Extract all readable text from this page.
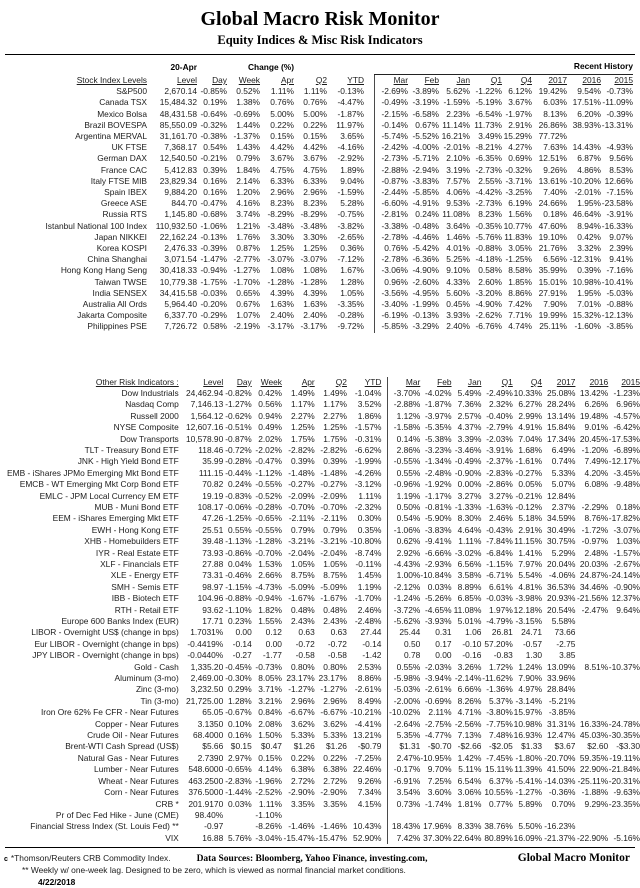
Global Macro Risk Monitor
Equity Indices & Misc Risk Indicators
	20-Apr	Change (%)						Recent History							
Stock Index Levels	Level	Day	Week	Apr	Q2	YTD		Mar	Feb	Jan	Q1	Q4	2017	2016	2015
S&P500	2,670.14	-0.85%	0.52%	1.11%	1.11%	-0.13%		-2.69%	-3.89%	5.62%	-1.22%	6.12%	19.42%	9.54%	-0.73%
Canada TSX	15,484.32	0.19%	1.38%	0.76%	0.76%	-4.47%		-0.49%	-3.19%	-1.59%	-5.19%	3.67%	6.03%	17.51%	-11.09%
Mexico Bolsa	48,431.58	-0.64%	-0.69%	5.00%	5.00%	-1.87%		-2.15%	-6.58%	2.23%	-6.54%	-1.97%	8.13%	6.20%	-0.39%
Brazil BOVESPA	85,550.09	-0.32%	1.44%	0.22%	0.22%	11.97%		-0.14%	0.67%	11.14%	11.73%	2.91%	26.86%	38.93%	-13.31%
Argentina MERVAL	31,161.70	-0.38%	-1.37%	0.15%	0.15%	3.65%		-5.74%	-5.52%	16.21%	3.49%	15.29%	77.72%		
UK FTSE	7,368.17	0.54%	1.43%	4.42%	4.42%	-4.16%		-2.42%	-4.00%	-2.01%	-8.21%	4.27%	7.63%	14.43%	-4.93%
German DAX	12,540.50	-0.21%	0.79%	3.67%	3.67%	-2.92%		-2.73%	-5.71%	2.10%	-6.35%	0.69%	12.51%	6.87%	9.56%
France CAC	5,412.83	0.39%	1.84%	4.75%	4.75%	1.89%		-2.88%	-2.94%	3.19%	-2.73%	-0.32%	9.26%	4.86%	8.53%
Italy FTSE MIB	23,829.34	0.16%	2.14%	6.33%	6.33%	9.04%		-0.87%	-3.83%	7.57%	2.55%	-3.71%	13.61%	-10.20%	12.66%
Spain IBEX	9,884.20	0.16%	1.20%	2.96%	2.96%	-1.59%		-2.44%	-5.85%	4.06%	-4.42%	-3.25%	7.40%	-2.01%	-7.15%
Greece ASE	844.70	-0.47%	4.16%	8.23%	8.23%	5.28%		-6.60%	-4.91%	9.53%	-2.73%	6.19%	24.66%	1.95%	-23.58%
Russia RTS	1,145.80	-0.68%	3.74%	-8.29%	-8.29%	-0.75%		-2.81%	0.24%	11.08%	8.23%	1.56%	0.18%	46.64%	-3.91%
Istanbul National 100 Index	110,932.50	-1.06%	1.21%	-3.48%	-3.48%	-3.82%		-3.38%	-0.48%	3.64%	-0.35%	10.77%	47.60%	8.94%	-16.33%
Japan NIKKEI	22,162.24	-0.13%	1.76%	3.30%	3.30%	-2.65%		-2.78%	-4.46%	1.46%	-5.76%	11.83%	19.10%	0.42%	9.07%
Korea KOSPI	2,476.33	-0.39%	0.87%	1.25%	1.25%	0.36%		0.76%	-5.42%	4.01%	-0.88%	3.05%	21.76%	3.32%	2.39%
China Shanghai	3,071.54	-1.47%	-2.77%	-3.07%	-3.07%	-7.12%		-2.78%	-6.36%	5.25%	-4.18%	-1.25%	6.56%	-12.31%	9.41%
Hong Kong Hang Seng	30,418.33	-0.94%	-1.27%	1.08%	1.08%	1.67%		-3.06%	-4.90%	9.10%	0.58%	8.58%	35.99%	0.39%	-7.16%
Taiwan TWSE	10,779.38	-1.75%	-1.70%	-1.28%	-1.28%	1.28%		0.96%	-2.60%	4.33%	2.60%	1.85%	15.01%	10.98%	-10.41%
India SENSEX	34,415.58	-0.03%	0.65%	4.39%	4.39%	1.05%		-3.56%	-4.95%	5.60%	-3.20%	8.86%	27.91%	1.95%	-5.03%
Australia All Ords	5,964.40	-0.20%	0.67%	1.63%	1.63%	-3.35%		-3.40%	-1.99%	0.45%	-4.90%	7.42%	7.90%	7.01%	-0.88%
Jakarta Composite	6,337.70	-0.29%	1.07%	2.40%	2.40%	-0.28%		-6.19%	-0.13%	3.93%	-2.62%	7.71%	19.99%	15.32%	-12.13%
Philippines PSE	7,726.72	0.58%	-2.19%	-3.17%	-3.17%	-9.72%		-5.85%	-3.29%	2.40%	-6.76%	4.74%	25.11%	-1.60%	-3.85%
Other Risk Indicators :	Level	Day	Week	Apr	Q2	YTD		Mar	Feb	Jan	Q1	Q4	2017	2016	2015
Dow Industrials	24,462.94	-0.82%	0.42%	1.49%	1.49%	-1.04%		-3.70%	-4.02%	5.49%	-2.49%	10.33%	25.08%	13.42%	-1.23%
Nasdaq Comp	7,146.13	-1.27%	0.56%	1.17%	1.17%	3.52%		-2.88%	-1.87%	7.36%	2.32%	6.27%	28.24%	6.26%	6.96%
Russell 2000	1,564.12	-0.62%	0.94%	2.27%	2.27%	1.86%		1.12%	-3.97%	2.57%	-0.40%	2.99%	13.14%	19.48%	-4.57%
NYSE Composite	12,607.16	-0.51%	0.49%	1.25%	1.25%	-1.57%		-1.58%	-5.35%	4.37%	-2.79%	4.91%	15.84%	9.01%	-6.42%
Dow Transports	10,578.90	-0.87%	2.02%	1.75%	1.75%	-0.31%		0.14%	-5.38%	3.39%	-2.03%	7.04%	17.34%	20.45%	-17.53%
TLT - Treasury Bond ETF	118.46	-0.72%	-2.02%	-2.82%	-2.82%	-6.62%		2.86%	-3.23%	-3.46%	-3.91%	1.68%	6.49%	-1.20%	-6.89%
JNK - High Yield Bond ETF	35.99	-0.28%	-0.47%	0.39%	0.39%	-1.99%		-0.55%	-1.34%	-0.49%	-2.37%	-1.61%	0.74%	7.49%	-12.17%
EMB - iShares JPMo Emerging Mkt Bond ETF	111.15	-0.44%	-1.12%	-1.48%	-1.48%	-4.26%		0.55%	-2.48%	-0.90%	-2.83%	-0.27%	5.33%	4.20%	-3.45%
EMCB - WT Emerging Mkt Corp Bond ETF	70.82	0.24%	-0.55%	-0.27%	-0.27%	-3.12%		-0.96%	-1.92%	0.00%	-2.86%	0.05%	5.07%	6.08%	-9.48%
EMLC - JPM Local Currency EM ETF	19.19	-0.83%	-0.52%	-2.09%	-2.09%	1.11%		1.19%	-1.17%	3.27%	3.27%	-0.21%	12.84%		
MUB - Muni Bond ETF	108.17	-0.06%	-0.28%	-0.70%	-0.70%	-2.32%		0.50%	-0.81%	-1.33%	-1.63%	-0.12%	2.37%	-2.29%	0.18%
EEM - iShares Emerging Mkt ETF	47.26	-1.25%	-0.65%	-2.11%	-2.11%	0.30%		0.54%	-5.90%	8.30%	2.46%	5.18%	34.59%	8.76%	-17.82%
EWH - Hong Kong ETF	25.51	0.55%	-0.55%	0.79%	0.79%	0.35%		-1.06%	-3.83%	4.64%	-0.43%	2.91%	30.49%	-1.72%	-3.07%
XHB - Homebuilders ETF	39.48	-1.13%	-1.28%	-3.21%	-3.21%	-10.80%		0.62%	-9.41%	1.11%	-7.84%	11.15%	30.75%	-0.97%	1.03%
IYR - Real Estate ETF	73.93	-0.86%	-0.70%	-2.04%	-2.04%	-8.74%		2.92%	-6.66%	-3.02%	-6.84%	1.41%	5.29%	2.48%	-1.57%
XLF - Financials ETF	27.88	0.04%	1.53%	1.05%	1.05%	-0.11%		-4.43%	-2.93%	6.56%	-1.15%	7.97%	20.04%	20.03%	-2.67%
XLE - Energy ETF	73.31	-0.46%	2.66%	8.75%	8.75%	1.45%		1.00%	-10.84%	3.58%	-6.71%	5.54%	-4.06%	24.87%	-24.14%
SMH - Semis ETF	98.97	-1.15%	-4.73%	-5.09%	-5.09%	1.19%		-2.12%	0.03%	8.89%	6.61%	4.81%	36.53%	34.46%	-0.90%
IBB - Biotech ETF	104.96	-0.88%	-0.94%	-1.67%	-1.67%	-1.70%		-1.24%	-5.26%	6.85%	-0.03%	-3.98%	20.93%	-21.56%	12.37%
RTH - Retail ETF	93.62	-1.10%	1.82%	0.48%	0.48%	2.46%		-3.72%	-4.65%	11.08%	1.97%	12.18%	20.54%	-2.47%	9.64%
Europe 600 Banks Index (EUR)	17.71	0.23%	1.55%	2.43%	2.43%	-2.48%		-5.62%	-3.93%	5.01%	-4.79%	-3.15%	5.58%		
LIBOR - Overnight US$ (change in bps)	1.7031%	0.00	0.12	0.63	0.63	27.44		25.44	0.31	1.06	26.81	24.71	73.66		
Eur LIBOR - Overnight (change in bps)	-0.4419%	-0.14	0.00	-0.72	-0.72	-0.14		0.50	0.17	-0.10	57.20%	-0.57	-2.75		
JPY LIBOR - Overnight (change in bps)	-0.0440%	-0.27	-1.77	-0.58	-0.58	-1.42		0.78	0.00	-0.16	-0.83	1.30	3.85		
Gold - Cash	1,335.20	-0.45%	-0.73%	0.80%	0.80%	2.53%		0.55%	-2.03%	3.26%	1.72%	1.24%	13.09%	8.51%	-10.37%
Aluminum (3-mo)	2,469.00	-0.30%	8.05%	23.17%	23.17%	8.86%		-5.98%	-3.94%	-2.14%	-11.62%	7.90%	33.96%		
Zinc (3-mo)	3,232.50	0.29%	3.71%	-1.27%	-1.27%	-2.61%		-5.03%	-2.61%	6.66%	-1.36%	4.97%	28.84%		
Tin (3-mo)	21,725.00	1.28%	3.21%	2.96%	2.96%	8.49%		-2.00%	-0.69%	8.26%	5.37%	-3.14%	-5.21%		
Iron Ore 62% Fe CFR - Near Futures	65.05	-0.67%	0.84%	-6.67%	-6.67%	-10.21%		-10.02%	2.11%	4.71%	-3.80%	15.97%	-3.85%		
Copper - Near Futures	3.1350	0.10%	2.08%	3.62%	3.62%	-4.41%		-2.64%	-2.75%	-2.56%	-7.75%	10.98%	31.31%	16.33%	-24.78%
Crude Oil - Near Futures	68.4000	0.16%	1.50%	5.33%	5.33%	13.21%		5.35%	-4.77%	7.13%	7.48%	16.93%	12.47%	45.03%	-30.35%
Brent-WTI Cash Spread (US$)	$5.66	$0.15	$0.47	$1.26	$1.26	-$0.79		$1.31	-$0.70	-$2.66	-$2.05	$1.33	$3.67	$2.60	-$3.30
Natural Gas - Near Futures	2.7390	2.97%	0.15%	0.22%	0.22%	-7.25%		2.47%	-10.95%	1.42%	-7.45%	-1.80%	-20.70%	59.35%	-19.11%
Lumber - Near Futures	548.6000	-0.65%	4.14%	6.38%	6.38%	22.46%		-0.17%	9.70%	5.11%	15.11%	11.39%	41.50%	22.90%	-21.84%
Wheat - Near Futures	463.2500	-2.83%	-1.96%	2.72%	2.72%	9.26%		-6.91%	7.25%	6.54%	6.37%	-5.41%	-14.03%	-25.11%	-20.31%
Corn - Near Futures	376.5000	-1.44%	-2.52%	-2.90%	-2.90%	7.34%		3.54%	3.60%	3.06%	10.55%	-1.27%	-0.36%	-1.88%	-9.63%
CRB *	201.9170	0.03%	1.11%	3.35%	3.35%	4.15%		0.73%	-1.74%	1.81%	0.77%	5.89%	0.70%	9.29%	-23.35%
Pr of Dec Fed Hike - June (CME)	98.40%		-1.10%												
Financial Stress Index (St. Louis Fed) **	-0.97		-8.26%	-1.46%	-1.46%	10.43%		18.43%	17.96%	8.33%	38.76%	5.50%	-16.23%		
VIX	16.88	5.76%	-3.04%	-15.47%	-15.47%	52.90%		7.42%	37.30%	22.64%	80.89%	16.09%	-21.37%	-22.90%	-5.16%
c *Thomson/Reuters CRB Commodity Index.	Data Sources: Bloomberg, Yahoo Finance, investing.com,	Global Macro Monitor
** Weekly w/ one-week lag. Designed to be zero, which is viewed as normal financial market conditions.
4/22/2018
